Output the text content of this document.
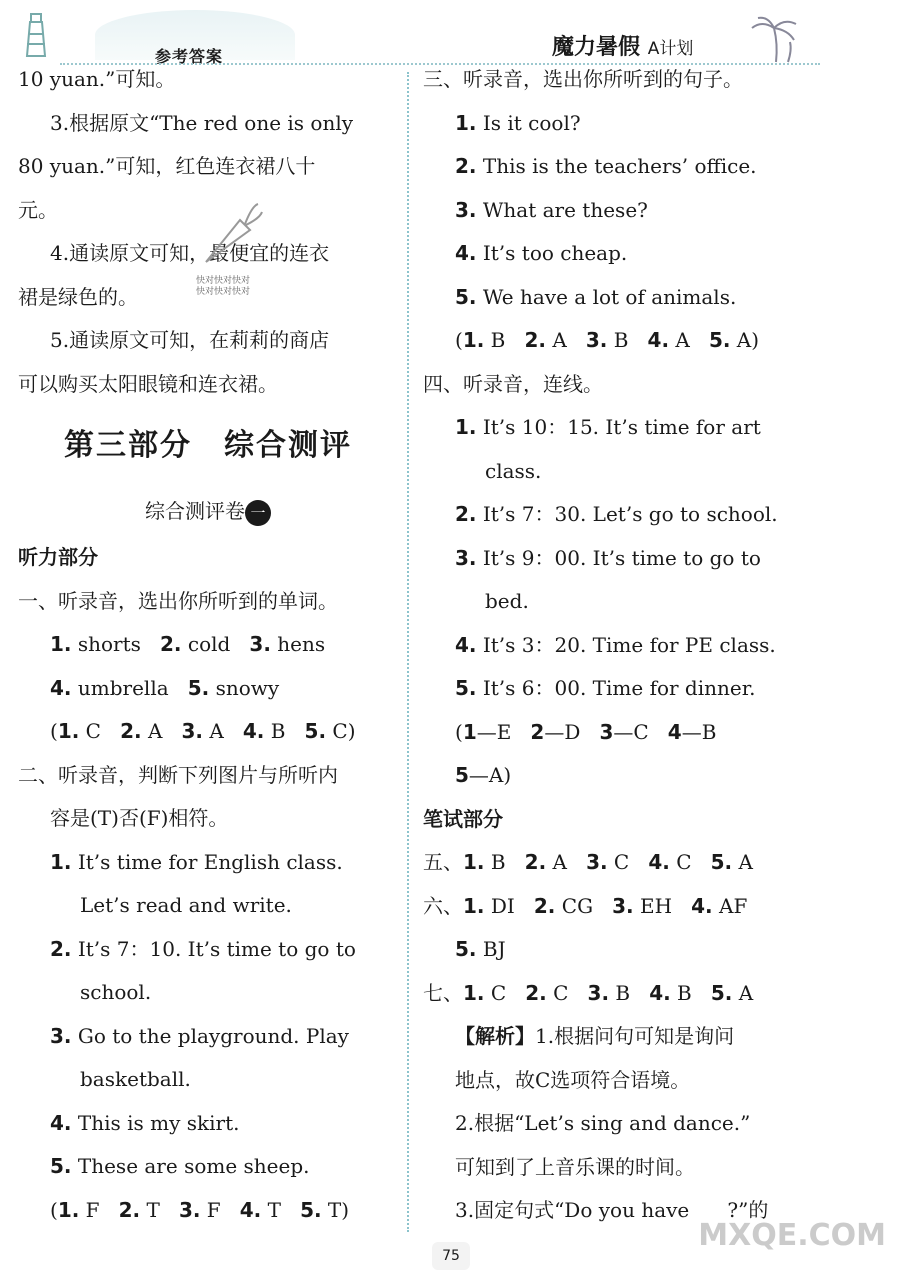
参考答案	魔力暑假 A计划
10 yuan.”可知。
3.根据原文“The red one is only
80 yuan.”可知，红色连衣裙八十
元。
4.通读原文可知，最便宜的连衣
裙是绿色的。
5.通读原文可知，在莉莉的商店
可以购买太阳眼镜和连衣裙。
第三部分　综合测评
综合测评卷 一
听力部分
一、听录音，选出你所听到的单词。
1. shorts 2. cold 3. hens
4. umbrella 5. snowy
(1. C 2. A 3. A 4. B 5. C)
二、听录音，判断下列图片与所听内
容是(T)否(F)相符。
1. It’s time for English class.
Let’s read and write.
2. It’s 7：10. It’s time to go to
school.
3. Go to the playground. Play
basketball.
4. This is my skirt.
5. These are some sheep.
(1. F 2. T 3. F 4. T 5. T)
快对快对快对
快对快对快对
三、听录音，选出你所听到的句子。
1. Is it cool?
2. This is the teachers’ office.
3. What are these?
4. It’s too cheap.
5. We have a lot of animals.
(1. B 2. A 3. B 4. A 5. A)
四、听录音，连线。
1. It’s 10：15. It’s time for art
class.
2. It’s 7：30. Let’s go to school.
3. It’s 9：00. It’s time to go to
bed.
4. It’s 3：20. Time for PE class.
5. It’s 6：00. Time for dinner.
(1—E 2—D 3—C 4—B
5—A)
笔试部分
五、1. B 2. A 3. C 4. C 5. A
六、1. DI 2. CG 3. EH 4. AF
5. BJ
七、1. C 2. C 3. B 4. B 5. A
【解析】1.根据问句可知是询问
地点，故C选项符合语境。
2.根据“Let’s sing and dance.”
可知到了上音乐课的时间。
3.固定句式“Do you have ?”的
75
MXQE.COM
